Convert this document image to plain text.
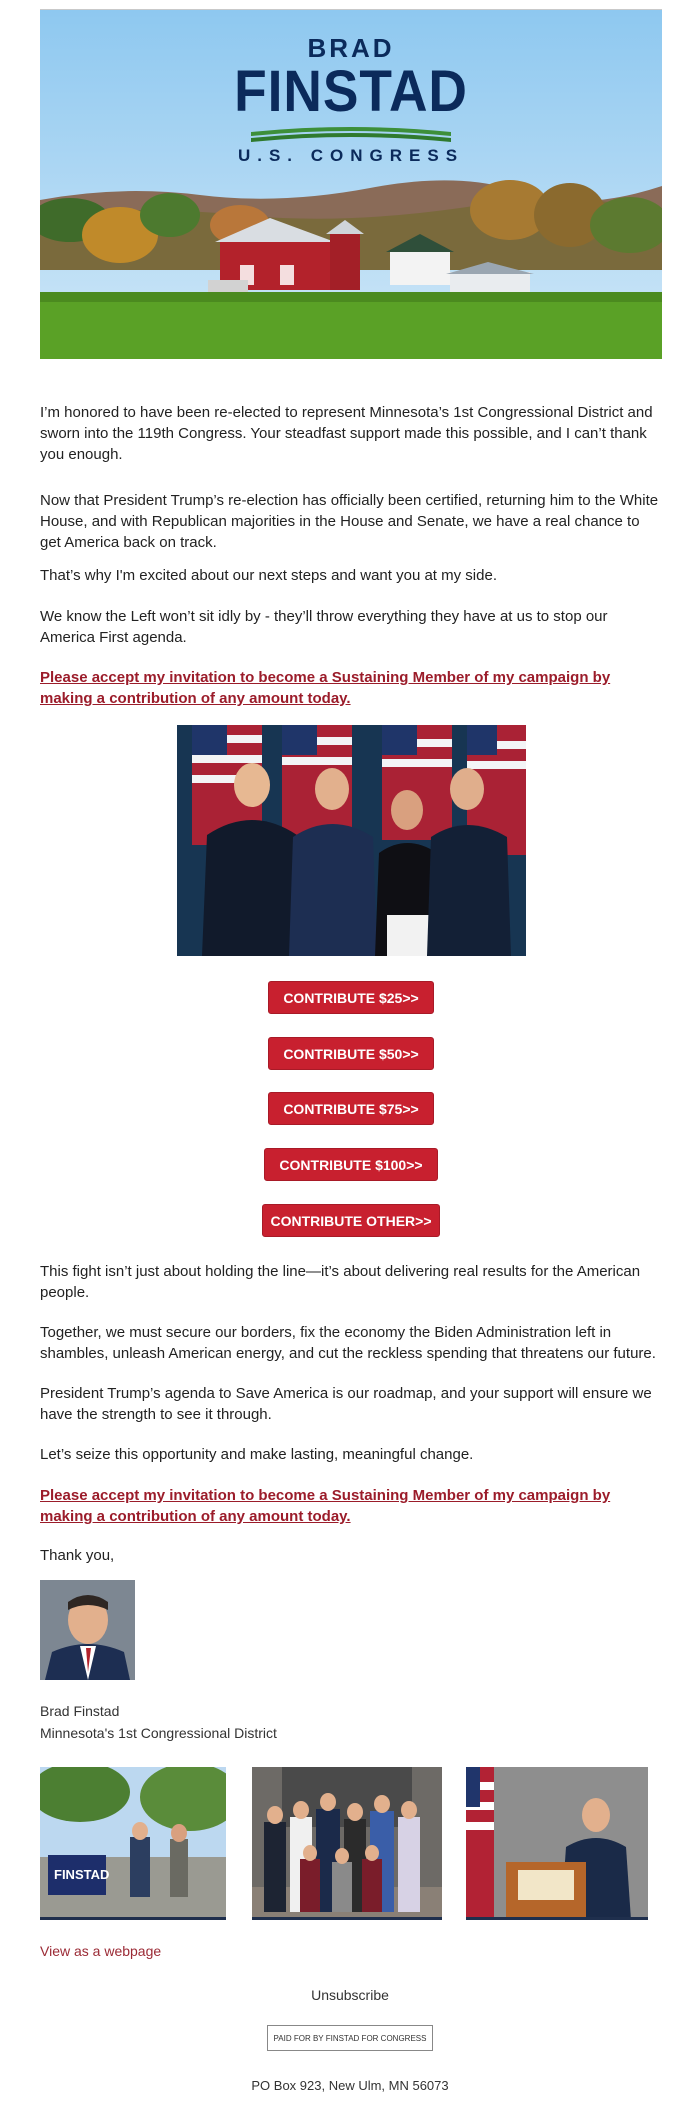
BRAD
FINSTAD
U.S. CONGRESS

I’m honored to have been re-elected to represent Minnesota’s 1st Congressional District and sworn into the 119th Congress. Your steadfast support made this possible, and I can’t thank you enough.

Now that President Trump’s re-election has officially been certified, returning him to the White House, and with Republican majorities in the House and Senate, we have a real chance to get America back on track.

That’s why I'm excited about our next steps and want you at my side.

We know the Left won’t sit idly by - they’ll throw everything they have at us to stop our America First agenda.

Please accept my invitation to become a Sustaining Member of my campaign by making a contribution of any amount today.

CONTRIBUTE $25>>
CONTRIBUTE $50>>
CONTRIBUTE $75>>
CONTRIBUTE $100>>
CONTRIBUTE OTHER>>

This fight isn’t just about holding the line—it’s about delivering real results for the American people.

Together, we must secure our borders, fix the economy the Biden Administration left in shambles, unleash American energy, and cut the reckless spending that threatens our future.

President Trump’s agenda to Save America is our roadmap, and your support will ensure we have the strength to see it through.

Let’s seize this opportunity and make lasting, meaningful change.

Please accept my invitation to become a Sustaining Member of my campaign by making a contribution of any amount today.

Thank you,

Brad Finstad

Minnesota's 1st Congressional District

FINSTAD
View as a webpage
Unsubscribe
PAID FOR BY FINSTAD FOR CONGRESS
PO Box 923, New Ulm, MN 56073
